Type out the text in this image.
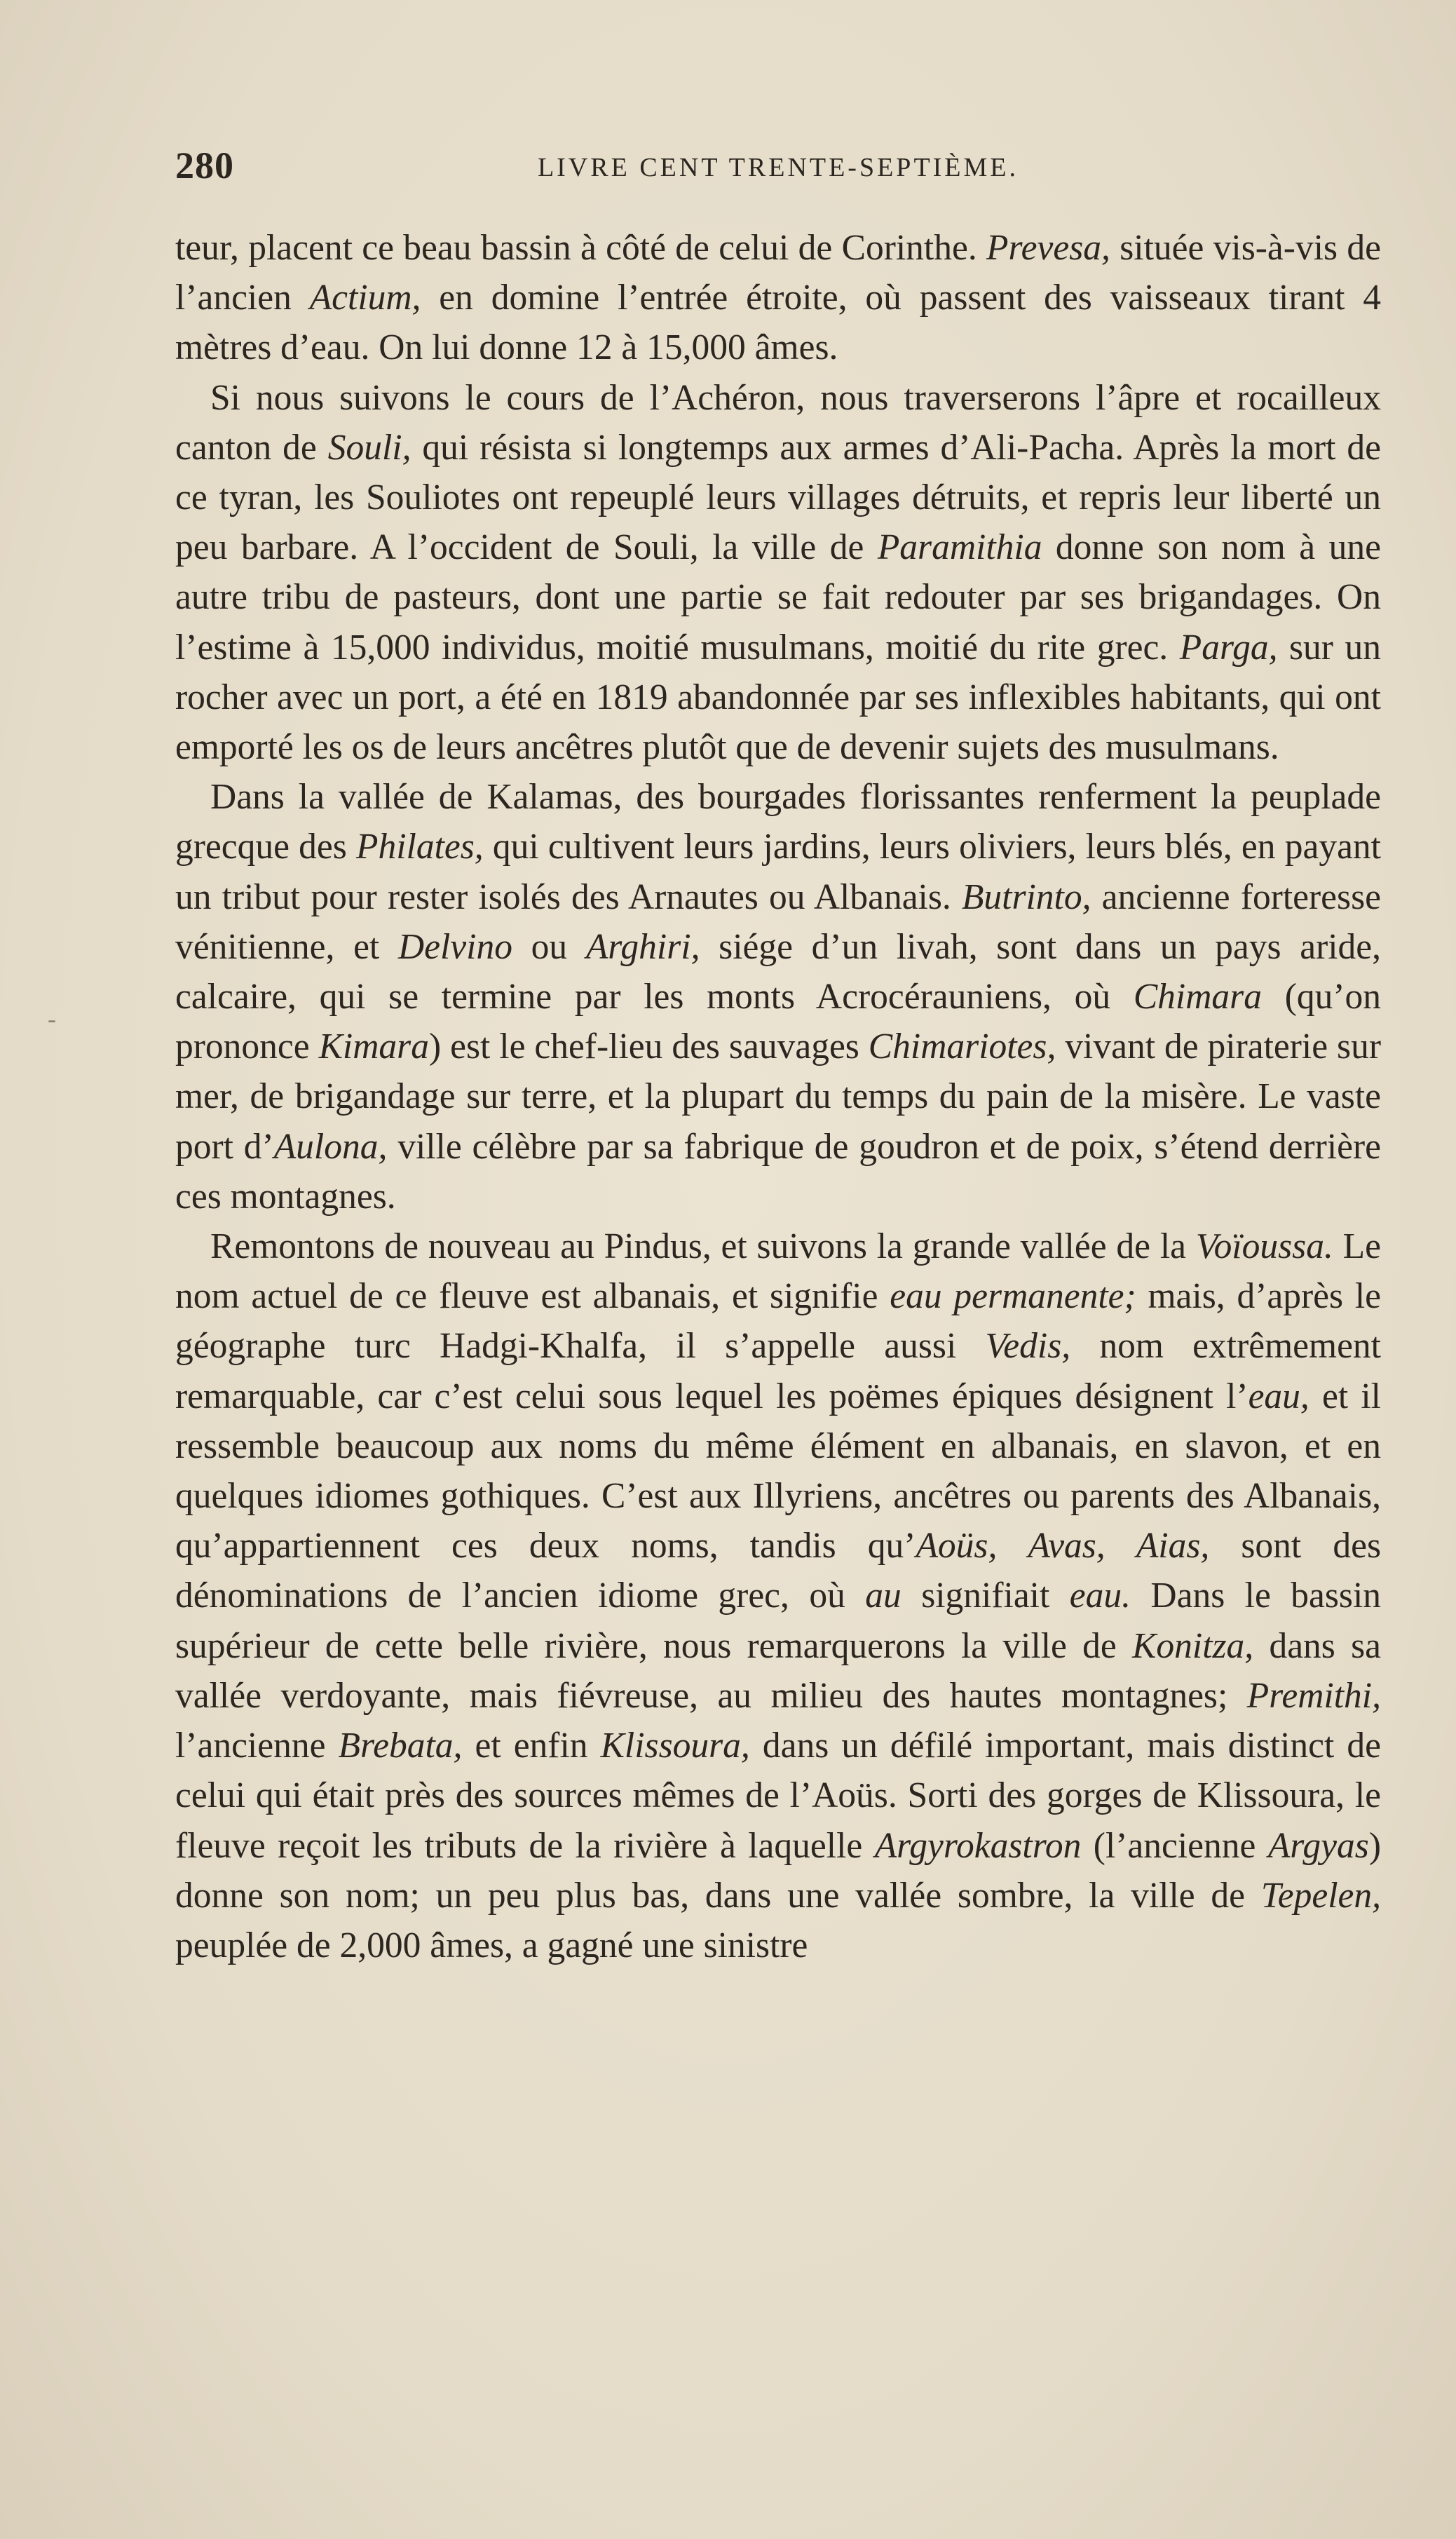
280	LIVRE CENT TRENTE-SEPTIÈME.
-

teur, placent ce beau bassin à côté de celui de Corinthe. Prevesa, située vis-à-vis de l’ancien Actium, en domine l’entrée étroite, où passent des vaisseaux tirant 4 mètres d’eau. On lui donne 12 à 15,000 âmes.

Si nous suivons le cours de l’Achéron, nous traverserons l’âpre et rocailleux canton de Souli, qui résista si longtemps aux armes d’Ali-Pacha. Après la mort de ce tyran, les Souliotes ont repeuplé leurs villages détruits, et repris leur liberté un peu barbare. A l’occident de Souli, la ville de Paramithia donne son nom à une autre tribu de pasteurs, dont une partie se fait redouter par ses brigandages. On l’estime à 15,000 individus, moitié musulmans, moitié du rite grec. Parga, sur un rocher avec un port, a été en 1819 abandonnée par ses inflexibles habitants, qui ont emporté les os de leurs ancêtres plutôt que de devenir sujets des musulmans.

Dans la vallée de Kalamas, des bourgades florissantes renferment la peuplade grecque des Philates, qui cultivent leurs jardins, leurs oliviers, leurs blés, en payant un tribut pour rester isolés des Arnautes ou Albanais. Butrinto, ancienne forteresse vénitienne, et Delvino ou Arghiri, siége d’un livah, sont dans un pays aride, calcaire, qui se termine par les monts Acrocérauniens, où Chimara (qu’on prononce Kimara) est le chef-lieu des sauvages Chimariotes, vivant de piraterie sur mer, de brigandage sur terre, et la plupart du temps du pain de la misère. Le vaste port d’Aulona, ville célèbre par sa fabrique de goudron et de poix, s’étend derrière ces montagnes.

Remontons de nouveau au Pindus, et suivons la grande vallée de la Voïoussa. Le nom actuel de ce fleuve est albanais, et signifie eau permanente; mais, d’après le géographe turc Hadgi-Khalfa, il s’appelle aussi Vedis, nom extrêmement remarquable, car c’est celui sous lequel les poëmes épiques désignent l’eau, et il ressemble beaucoup aux noms du même élément en albanais, en slavon, et en quelques idiomes gothiques. C’est aux Illyriens, ancêtres ou parents des Albanais, qu’appartiennent ces deux noms, tandis qu’Aoüs, Avas, Aias, sont des dénominations de l’ancien idiome grec, où au signifiait eau. Dans le bassin supérieur de cette belle rivière, nous remarquerons la ville de Konitza, dans sa vallée verdoyante, mais fiévreuse, au milieu des hautes montagnes; Premithi, l’ancienne Brebata, et enfin Klissoura, dans un défilé important, mais distinct de celui qui était près des sources mêmes de l’Aoüs. Sorti des gorges de Klissoura, le fleuve reçoit les tributs de la rivière à laquelle Argyrokastron (l’ancienne Argyas) donne son nom; un peu plus bas, dans une vallée sombre, la ville de Tepelen, peuplée de 2,000 âmes, a gagné une sinistre
